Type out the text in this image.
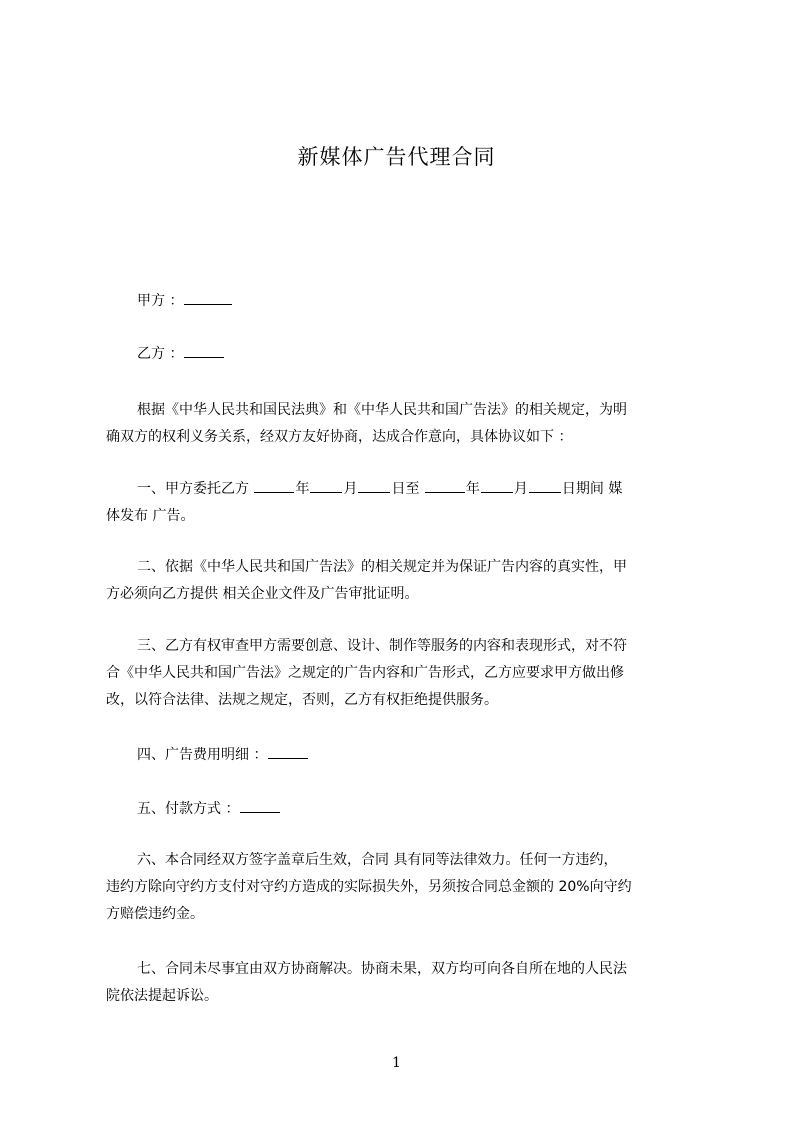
新媒体广告代理合同
甲方 ：
乙方 ：
根据《中华人民共和国民法典》和《中华人民共和国广告法》的相关规定，为明
确双方的权利义务关系，经双方友好协商，达成合作意向，具体协议如下 ：
一、甲方委托乙方	年 月 日至	年 月 日期间 媒
体发布 广告。
二、依据《中华人民共和国广告法》的相关规定并为保证广告内容的真实性，甲
方必须向乙方提供 相关企业文件及广告审批证明。
三、乙方有权审查甲方需要创意、设计、制作等服务的内容和表现形式，对不符
合《中华人民共和国广告法》之规定的广告内容和广告形式，乙方应要求甲方做出修
改，以符合法律、法规之规定，否则，乙方有权拒绝提供服务。
四、广告费用明细 ：
五、付款方式 ：
六、本合同经双方签字盖章后生效，合同 具有同等法律效力。任何一方违约，
违约方除向守约方支付对守约方造成的实际损失外，另须按合同总金额的 20%向守约
方赔偿违约金。
七、合同未尽事宜由双方协商解决。协商未果，双方均可向各自所在地的人民法
院依法提起诉讼。
1
